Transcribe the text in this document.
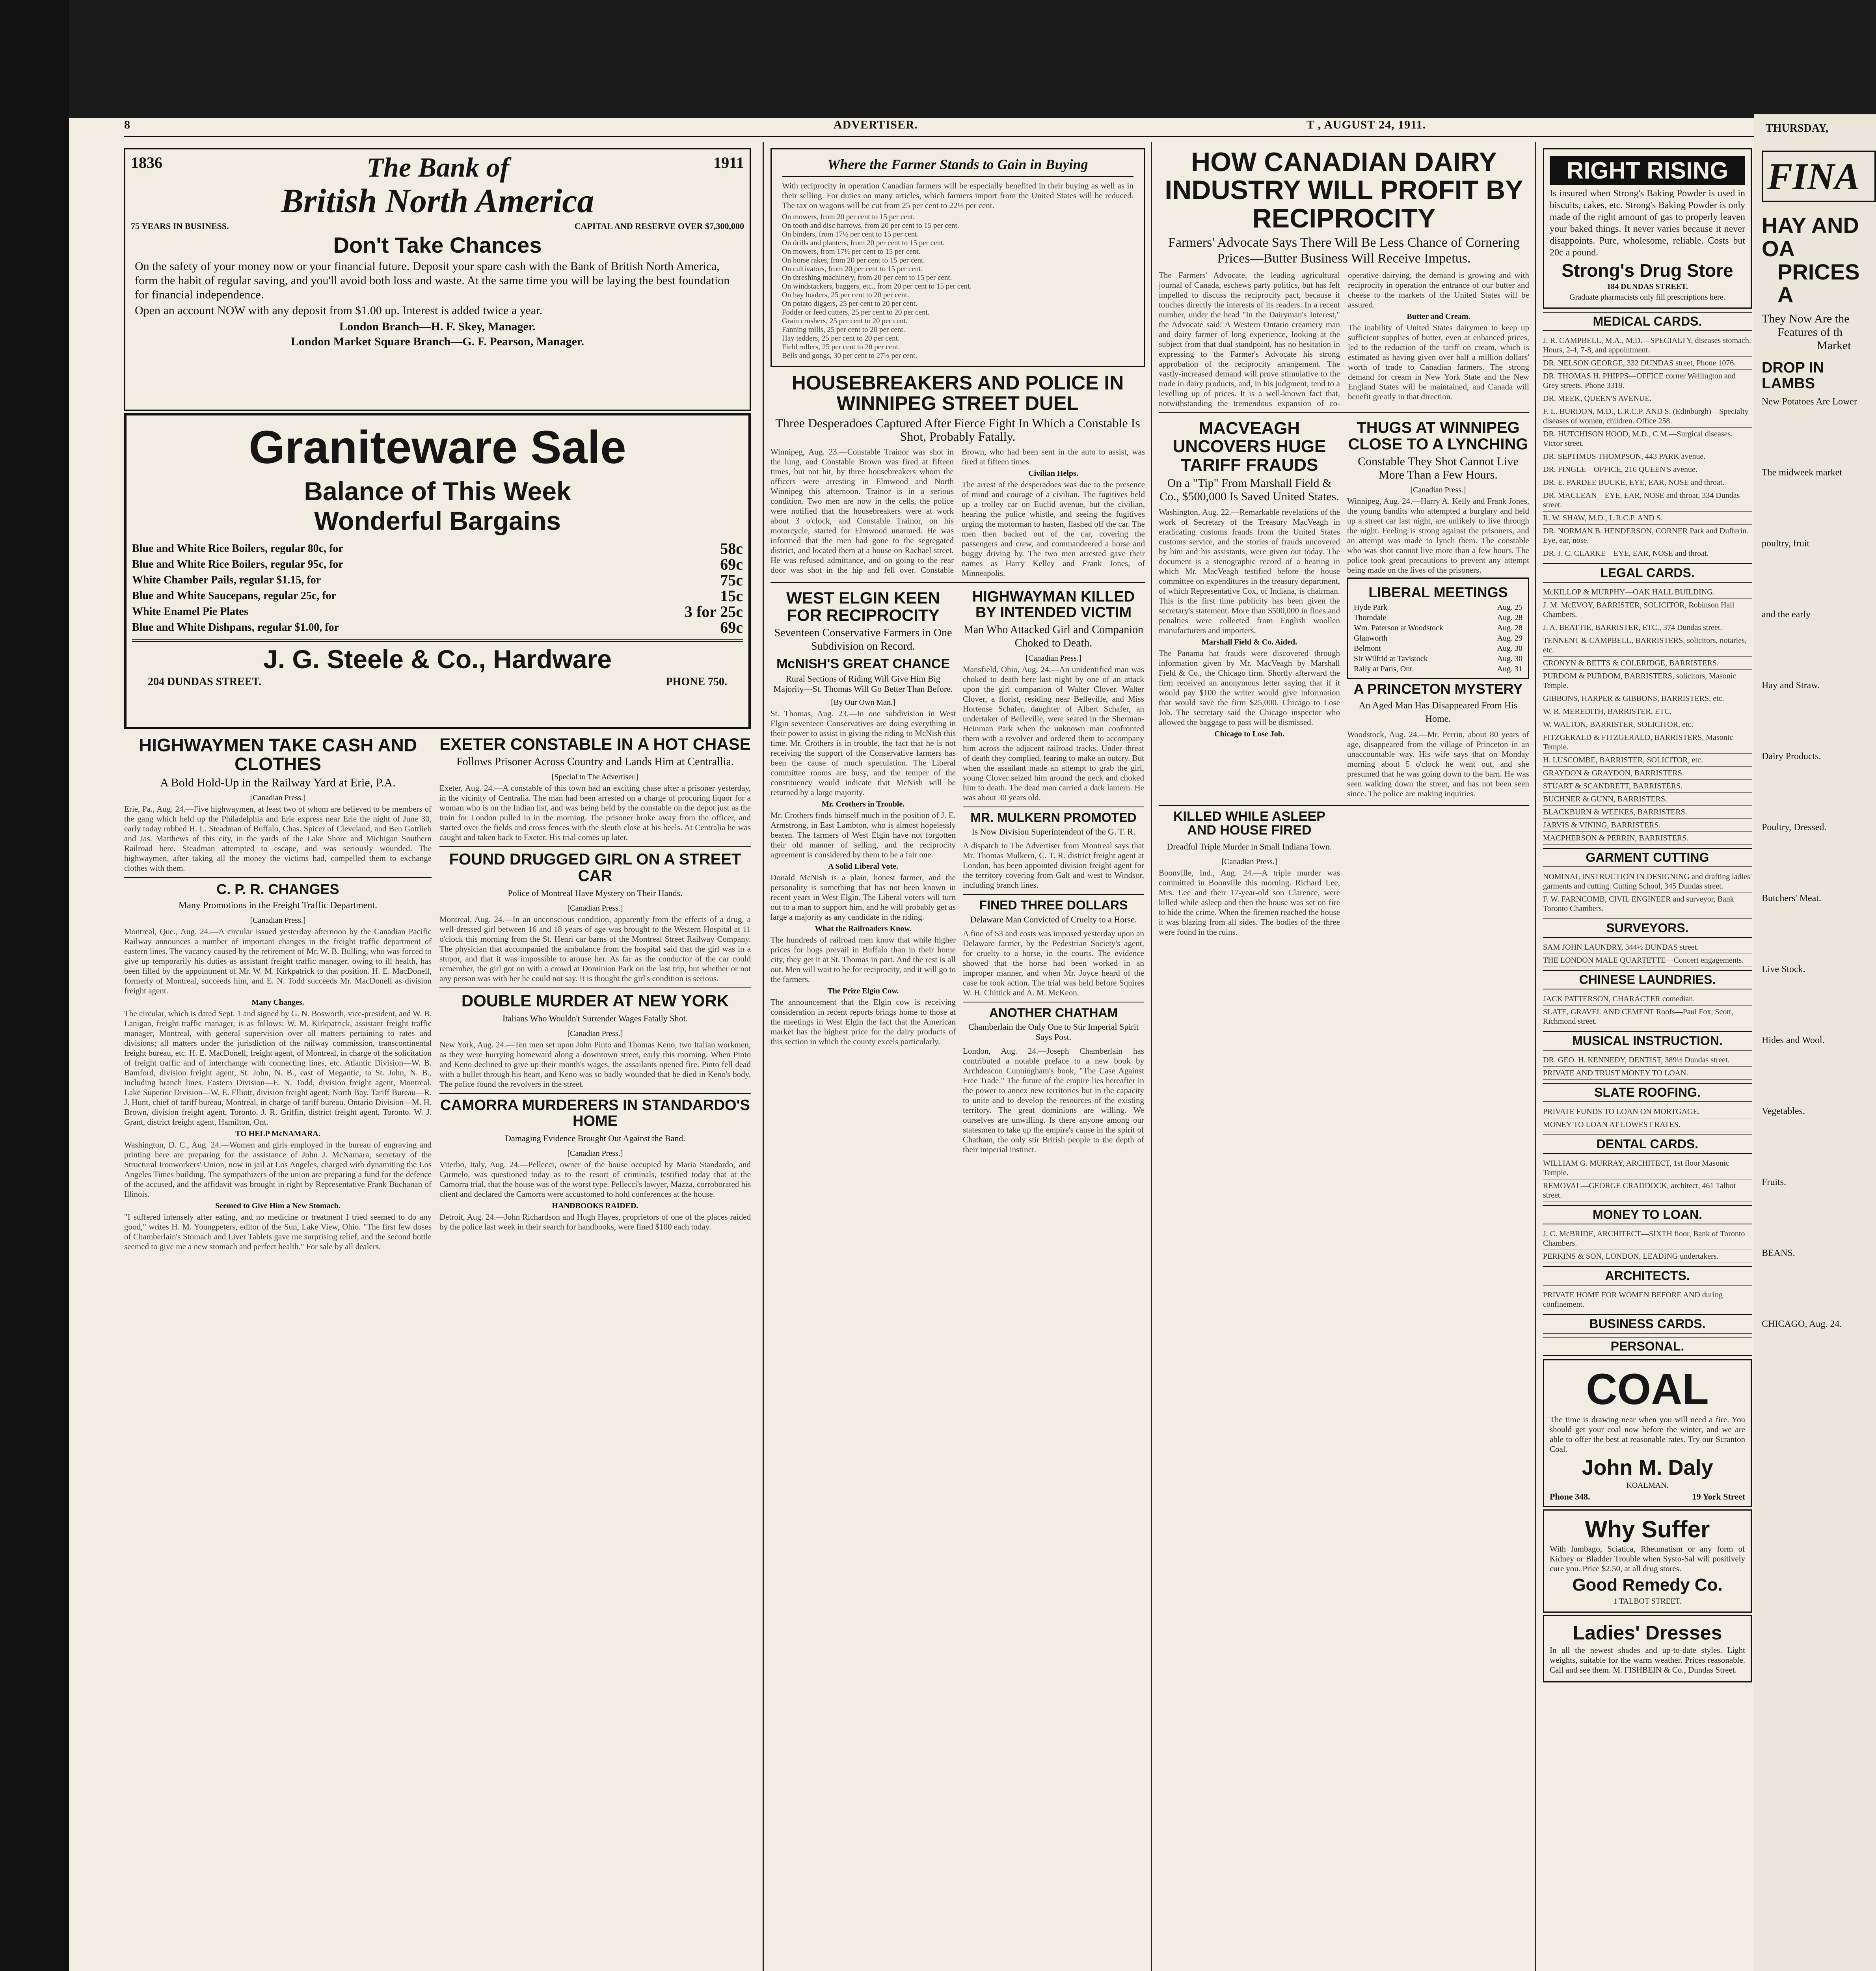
8	ADVERTISER.	T , AUGUST 24, 1911.
1836	The Bank of	1911
British North America
75 YEARS IN BUSINESS.	CAPITAL AND RESERVE OVER $7,300,000
Don't Take Chances

On the safety of your money now or your financial future. Deposit your spare cash with the Bank of British North America, form the habit of regular saving, and you'll avoid both loss and waste. At the same time you will be laying the best foundation for financial independence.

Open an account NOW with any deposit from $1.00 up. Interest is added twice a year.

London Branch—H. F. Skey, Manager.
London Market Square Branch—G. F. Pearson, Manager.
Graniteware Sale
Balance of This Week
Wonderful Bargains
Blue and White Rice Boilers, regular 80c, for	58c
Blue and White Rice Boilers, regular 95c, for	69c
White Chamber Pails, regular $1.15, for	75c
Blue and White Saucepans, regular 25c, for	15c
White Enamel Pie Plates	3 for 25c
Blue and White Dishpans, regular $1.00, for	69c
J. G. Steele & Co., Hardware
204 DUNDAS STREET.	PHONE 750.
HIGHWAYMEN TAKE CASH AND CLOTHES
A Bold Hold-Up in the Railway Yard at Erie, P.A.
[Canadian Press.]

Erie, Pa., Aug. 24.—Five highwaymen, at least two of whom are believed to be members of the gang which held up the Philadelphia and Erie express near Erie the night of June 30, early today robbed H. L. Steadman of Buffalo, Chas. Spicer of Cleveland, and Ben Gottlieb and Jas. Matthews of this city, in the yards of the Lake Shore and Michigan Southern Railroad here. Steadman attempted to escape, and was seriously wounded. The highwaymen, after taking all the money the victims had, compelled them to exchange clothes with them.

C. P. R. CHANGES
Many Promotions in the Freight Traffic Department.
[Canadian Press.]

Montreal, Que., Aug. 24.—A circular issued yesterday afternoon by the Canadian Pacific Railway announces a number of important changes in the freight traffic department of eastern lines. The vacancy caused by the retirement of Mr. W. B. Bulling, who was forced to give up temporarily his duties as assistant freight traffic manager, owing to ill health, has been filled by the appointment of Mr. W. M. Kirkpatrick to that position. H. E. MacDonell, formerly of Montreal, succeeds him, and E. N. Todd succeeds Mr. MacDonell as division freight agent.

Many Changes.

The circular, which is dated Sept. 1 and signed by G. N. Bosworth, vice-president, and W. B. Lanigan, freight traffic manager, is as follows: W. M. Kirkpatrick, assistant freight traffic manager, Montreal, with general supervision over all matters pertaining to rates and divisions; all matters under the jurisdiction of the railway commission, transcontinental freight bureau, etc. H. E. MacDonell, freight agent, of Montreal, in charge of the solicitation of freight traffic and of interchange with connecting lines, etc. Atlantic Division—W. B. Bamford, division freight agent, St. John, N. B., east of Megantic, to St. John, N. B., including branch lines. Eastern Division—E. N. Todd, division freight agent, Montreal. Lake Superior Division—W. E. Elliott, division freight agent, North Bay. Tariff Bureau—R. J. Hunt, chief of tariff bureau, Montreal, in charge of tariff bureau. Ontario Division—M. H. Brown, division freight agent, Toronto. J. R. Griffin, district freight agent, Toronto. W. J. Grant, district freight agent, Hamilton, Ont.

TO HELP McNAMARA.

Washington, D. C., Aug. 24.—Women and girls employed in the bureau of engraving and printing here are preparing for the assistance of John J. McNamara, secretary of the Structural Ironworkers' Union, now in jail at Los Angeles, charged with dynamiting the Los Angeles Times building. The sympathizers of the union are preparing a fund for the defence of the accused, and the affidavit was brought in right by Representative Frank Buchanan of Illinois.

Seemed to Give Him a New Stomach.

"I suffered intensely after eating, and no medicine or treatment I tried seemed to do any good," writes H. M. Youngpeters, editor of the Sun, Lake View, Ohio. "The first few doses of Chamberlain's Stomach and Liver Tablets gave me surprising relief, and the second bottle seemed to give me a new stomach and perfect health." For sale by all dealers.

EXETER CONSTABLE IN A HOT CHASE
Follows Prisoner Across Country and Lands Him at Centrallia.
[Special to The Advertiser.]

Exeter, Aug. 24.—A constable of this town had an exciting chase after a prisoner yesterday, in the vicinity of Centralia. The man had been arrested on a charge of procuring liquor for a woman who is on the Indian list, and was being held by the constable on the depot just as the train for London pulled in in the morning. The prisoner broke away from the officer, and started over the fields and cross fences with the sleuth close at his heels. At Centralia he was caught and taken back to Exeter. His trial comes up later.

FOUND DRUGGED GIRL ON A STREET CAR
Police of Montreal Have Mystery on Their Hands.
[Canadian Press.]

Montreal, Aug. 24.—In an unconscious condition, apparently from the effects of a drug, a well-dressed girl between 16 and 18 years of age was brought to the Western Hospital at 11 o'clock this morning from the St. Henri car barns of the Montreal Street Railway Company. The physician that accompanied the ambulance from the hospital said that the girl was in a stupor, and that it was impossible to arouse her. As far as the conductor of the car could remember, the girl got on with a crowd at Dominion Park on the last trip, but whether or not any person was with her he could not say. It is thought the girl's condition is serious.

DOUBLE MURDER AT NEW YORK
Italians Who Wouldn't Surrender Wages Fatally Shot.
[Canadian Press.]

New York, Aug. 24.—Ten men set upon John Pinto and Thomas Keno, two Italian workmen, as they were hurrying homeward along a downtown street, early this morning. When Pinto and Keno declined to give up their month's wages, the assailants opened fire. Pinto fell dead with a bullet through his heart, and Keno was so badly wounded that he died in Keno's body. The police found the revolvers in the street.

CAMORRA MURDERERS IN STANDARDO'S HOME
Damaging Evidence Brought Out Against the Band.
[Canadian Press.]

Viterbo, Italy, Aug. 24.—Pellecci, owner of the house occupied by Maria Standardo, and Carmelo, was questioned today as to the resort of criminals, testified today that at the Camorra trial, that the house was of the worst type. Pellecci's lawyer, Mazza, corroborated his client and declared the Camorra were accustomed to hold conferences at the house.

HANDBOOKS RAIDED.

Detroit, Aug. 24.—John Richardson and Hugh Hayes, proprietors of one of the places raided by the police last week in their search for handbooks, were fined $100 each today.

Where the Farmer Stands to Gain in Buying

With reciprocity in operation Canadian farmers will be especially benefited in their buying as well as in their selling. For duties on many articles, which farmers import from the United States will be reduced. The tax on wagons will be cut from 25 per cent to 22½ per cent.

On mowers, from 20 per cent to 15 per cent.
On tooth and disc harrows, from 20 per cent to 15 per cent.
On binders, from 17½ per cent to 15 per cent.
On drills and planters, from 20 per cent to 15 per cent.
On mowers, from 17½ per cent to 15 per cent.
On horse rakes, from 20 per cent to 15 per cent.
On cultivators, from 20 per cent to 15 per cent.
On threshing machinery, from 20 per cent to 15 per cent.
On windstackers, baggers, etc., from 20 per cent to 15 per cent.
On hay loaders, 25 per cent to 20 per cent.
On potato diggers, 25 per cent to 20 per cent.
Fodder or feed cutters, 25 per cent to 20 per cent.
Grain crushers, 25 per cent to 20 per cent.
Fanning mills, 25 per cent to 20 per cent.
Hay tedders, 25 per cent to 20 per cent.
Field rollers, 25 per cent to 20 per cent.
Bells and gongs, 30 per cent to 27½ per cent.
HOUSEBREAKERS AND POLICE IN WINNIPEG STREET DUEL
Three Desperadoes Captured After Fierce Fight In Which a Constable Is Shot, Probably Fatally.

Winnipeg, Aug. 23.—Constable Trainor was shot in the lung, and Constable Brown was fired at fifteen times, but not hit, by three housebreakers whom the officers were arresting in Elmwood and North Winnipeg this afternoon. Trainor is in a serious condition. Two men are now in the cells, the police were notified that the housebreakers were at work about 3 o'clock, and Constable Trainor, on his motorcycle, started for Elmwood unarmed. He was informed that the men had gone to the segregated district, and located them at a house on Rachael street. He was refused admittance, and on going to the rear door was shot in the hip and fell over. Constable Brown, who had been sent in the auto to assist, was fired at fifteen times.

Civilian Helps.

The arrest of the desperadoes was due to the presence of mind and courage of a civilian. The fugitives held up a trolley car on Euclid avenue, but the civilian, hearing the police whistle, and seeing the fugitives urging the motorman to hasten, flashed off the car. The men then backed out of the car, covering the passengers and crew, and commandeered a horse and buggy driving by. The two men arrested gave their names as Harry Kelley and Frank Jones, of Minneapolis.

WEST ELGIN KEEN FOR RECIPROCITY
Seventeen Conservative Farmers in One Subdivision on Record.
McNISH'S GREAT CHANCE
Rural Sections of Riding Will Give Him Big Majority—St. Thomas Will Go Better Than Before.
[By Our Own Man.]

St. Thomas, Aug. 23.—In one subdivision in West Elgin seventeen Conservatives are doing everything in their power to assist in giving the riding to McNish this time. Mr. Crothers is in trouble, the fact that he is not receiving the support of the Conservative farmers has been the cause of much speculation. The Liberal committee rooms are busy, and the temper of the constituency would indicate that McNish will be returned by a large majority.

Mr. Crothers in Trouble.

Mr. Crothers finds himself much in the position of J. E. Armstrong, in East Lambton, who is almost hopelessly beaten. The farmers of West Elgin have not forgotten their old manner of selling, and the reciprocity agreement is considered by them to be a fair one.

A Solid Liberal Vote.

Donald McNish is a plain, honest farmer, and the personality is something that has not been known in recent years in West Elgin. The Liberal voters will turn out to a man to support him, and he will probably get as large a majority as any candidate in the riding.

What the Railroaders Know.

The hundreds of railroad men know that while higher prices for hogs prevail in Buffalo than in their home city, they get it at St. Thomas in part. And the rest is all out. Men will wait to be for reciprocity, and it will go to the farmers.

The Prize Elgin Cow.

The announcement that the Elgin cow is receiving consideration in recent reports brings home to those at the meetings in West Elgin the fact that the American market has the highest price for the dairy products of this section in which the county excels particularly.

HIGHWAYMAN KILLED BY INTENDED VICTIM
Man Who Attacked Girl and Companion Choked to Death.
[Canadian Press.]

Mansfield, Ohio, Aug. 24.—An unidentified man was choked to death here last night by one of an attack upon the girl companion of Walter Clover. Walter Clover, a florist, residing near Belleville, and Miss Hortense Schafer, daughter of Albert Schafer, an undertaker of Belleville, were seated in the Sherman-Heinman Park when the unknown man confronted them with a revolver and ordered them to accompany him across the adjacent railroad tracks. Under threat of death they complied, fearing to make an outcry. But when the assailant made an attempt to grab the girl, young Clover seized him around the neck and choked him to death. The dead man carried a dark lantern. He was about 30 years old.

MR. MULKERN PROMOTED
Is Now Division Superintendent of the G. T. R.

A dispatch to The Advertiser from Montreal says that Mr. Thomas Mulkern, C. T. R. district freight agent at London, has been appointed division freight agent for the territory covering from Galt and west to Windsor, including branch lines.

FINED THREE DOLLARS
Delaware Man Convicted of Cruelty to a Horse.

A fine of $3 and costs was imposed yesterday upon an Delaware farmer, by the Pedestrian Society's agent, for cruelty to a horse, in the courts. The evidence showed that the horse had been worked in an improper manner, and when Mr. Joyce heard of the case he took action. The trial was held before Squires W. H. Chittick and A. M. McKeon.

ANOTHER CHATHAM
Chamberlain the Only One to Stir Imperial Spirit Says Post.

London, Aug. 24.—Joseph Chamberlain has contributed a notable preface to a new book by Archdeacon Cunningham's book, "The Case Against Free Trade." The future of the empire lies hereafter in the power to annex new territories but in the capacity to unite and to develop the resources of the existing territory. The great dominions are willing. We ourselves are unwilling. Is there anyone among our statesmen to take up the empire's cause in the spirit of Chatham, the only stir British people to the depth of their imperial instinct.

HOW CANADIAN DAIRY INDUSTRY WILL PROFIT BY RECIPROCITY
Farmers' Advocate Says There Will Be Less Chance of Cornering Prices—Butter Business Will Receive Impetus.

The Farmers' Advocate, the leading agricultural journal of Canada, eschews party politics, but has felt impelled to discuss the reciprocity pact, because it touches directly the interests of its readers. In a recent number, under the head "In the Dairyman's Interest," the Advocate said: A Western Ontario creamery man and dairy farmer of long experience, looking at the subject from that dual standpoint, has no hesitation in expressing to the Farmer's Advocate his strong approbation of the reciprocity arrangement. The vastly-increased demand will prove stimulative to the trade in dairy products, and, in his judgment, tend to a levelling up of prices. It is a well-known fact that, notwithstanding the tremendous expansion of co-operative dairying, the demand is growing and with reciprocity in operation the entrance of our butter and cheese to the markets of the United States will be assured.

Butter and Cream.

The inability of United States dairymen to keep up sufficient supplies of butter, even at enhanced prices, led to the reduction of the tariff on cream, which is estimated as having given over half a million dollars' worth of trade to Canadian farmers. The strong demand for cream in New York State and the New England States will be maintained, and Canada will benefit greatly in that direction.

MACVEAGH UNCOVERS HUGE TARIFF FRAUDS
On a "Tip" From Marshall Field & Co., $500,000 Is Saved United States.

Washington, Aug. 22.—Remarkable revelations of the work of Secretary of the Treasury MacVeagh in eradicating customs frauds from the United States customs service, and the stories of frauds uncovered by him and his assistants, were given out today. The document is a stenographic record of a hearing in which Mr. MacVeagh testified before the house committee on expenditures in the treasury department, of which Representative Cox, of Indiana, is chairman. This is the first time publicity has been given the secretary's statement. More than $500,000 in fines and penalties were collected from English woollen manufacturers and importers.

Marshall Field & Co. Aided.

The Panama hat frauds were discovered through information given by Mr. MacVeagh by Marshall Field & Co., the Chicago firm. Shortly afterward the firm received an anonymous letter saying that if it would pay $100 the writer would give information that would save the firm $25,000. Chicago to Lose Job. The secretary said the Chicago inspector who allowed the baggage to pass will be dismissed.

Chicago to Lose Job.
THUGS AT WINNIPEG CLOSE TO A LYNCHING
Constable They Shot Cannot Live More Than a Few Hours.
[Canadian Press.]

Winnipeg, Aug. 24.—Harry A. Kelly and Frank Jones, the young bandits who attempted a burglary and held up a street car last night, are unlikely to live through the night. Feeling is strong against the prisoners, and an attempt was made to lynch them. The constable who was shot cannot live more than a few hours. The police took great precautions to prevent any attempt being made on the lives of the prisoners.

LIBERAL MEETINGS
Hyde Park	Aug. 25
Thorndale	Aug. 28
Wm. Paterson at Woodstock	Aug. 28
Glanworth	Aug. 29
Belmont	Aug. 30
Sir Wilfrid at Tavistock	Aug. 30
Rally at Paris, Ont.	Aug. 31
A PRINCETON MYSTERY
An Aged Man Has Disappeared From His Home.

Woodstock, Aug. 24.—Mr. Perrin, about 80 years of age, disappeared from the village of Princeton in an unaccountable way. His wife says that on Monday morning about 5 o'clock he went out, and she presumed that he was going down to the barn. He was seen walking down the street, and has not been seen since. The police are making inquiries.

KILLED WHILE ASLEEP AND HOUSE FIRED
Dreadful Triple Murder in Small Indiana Town.
[Canadian Press.]

Boonville, Ind., Aug. 24.—A triple murder was committed in Boonville this morning. Richard Lee, Mrs. Lee and their 17-year-old son Clarence, were killed while asleep and then the house was set on fire to hide the crime. When the firemen reached the house it was blazing from all sides. The bodies of the three were found in the ruins.

RIGHT RISING

Is insured when Strong's Baking Powder is used in biscuits, cakes, etc. Strong's Baking Powder is only made of the right amount of gas to properly leaven your baked things. It never varies because it never disappoints. Pure, wholesome, reliable. Costs but 20c a pound.

Strong's Drug Store
184 DUNDAS STREET.
Graduate pharmacists only fill prescriptions here.
MEDICAL CARDS.
J. R. CAMPBELL, M.A., M.D.—SPECIALTY, diseases stomach. Hours, 2-4, 7-8, and appointment.
DR. NELSON GEORGE, 332 DUNDAS street, Phone 1076.
DR. THOMAS H. PHIPPS—OFFICE corner Wellington and Grey streets. Phone 3318.
DR. MEEK, QUEEN'S AVENUE.
F. L. BURDON, M.D., L.R.C.P. AND S. (Edinburgh)—Specialty diseases of women, children. Office 258.
DR. HUTCHISON HOOD, M.D., C.M.—Surgical diseases. Victor street.
DR. SEPTIMUS THOMPSON, 443 PARK avenue.
DR. FINGLE—OFFICE, 216 QUEEN'S avenue.
DR. E. PARDEE BUCKE, EYE, EAR, NOSE and throat.
DR. MACLEAN—EYE, EAR, NOSE and throat, 334 Dundas street.
R. W. SHAW, M.D., L.R.C.P. AND S.
DR. NORMAN B. HENDERSON, CORNER Park and Dufferin. Eye, ear, nose.
DR. J. C. CLARKE—EYE, EAR, NOSE and throat.
LEGAL CARDS.
McKILLOP & MURPHY—OAK HALL BUILDING.
J. M. McEVOY, BARRISTER, SOLICITOR, Robinson Hall Chambers.
J. A. BEATTIE, BARRISTER, ETC., 374 Dundas street.
TENNENT & CAMPBELL, BARRISTERS, solicitors, notaries, etc.
CRONYN & BETTS & COLERIDGE, BARRISTERS.
PURDOM & PURDOM, BARRISTERS, solicitors, Masonic Temple.
GIBBONS, HARPER & GIBBONS, BARRISTERS, etc.
W. R. MEREDITH, BARRISTER, ETC.
W. WALTON, BARRISTER, SOLICITOR, etc.
FITZGERALD & FITZGERALD, BARRISTERS, Masonic Temple.
H. LUSCOMBE, BARRISTER, SOLICITOR, etc.
GRAYDON & GRAYDON, BARRISTERS.
STUART & SCANDRETT, BARRISTERS.
BUCHNER & GUNN, BARRISTERS.
BLACKBURN & WEEKES, BARRISTERS.
JARVIS & VINING, BARRISTERS.
MACPHERSON & PERRIN, BARRISTERS.
GARMENT CUTTING
NOMINAL INSTRUCTION IN DESIGNING and drafting ladies' garments and cutting. Cutting School, 345 Dundas street.
F. W. FARNCOMB, CIVIL ENGINEER and surveyor, Bank Toronto Chambers.
SURVEYORS.
SAM JOHN LAUNDRY, 344½ DUNDAS street.
THE LONDON MALE QUARTETTE—Concert engagements.
CHINESE LAUNDRIES.
JACK PATTERSON, CHARACTER comedian.
SLATE, GRAVEL AND CEMENT Roofs—Paul Fox, Scott, Richmond street.
MUSICAL INSTRUCTION.
DR. GEO. H. KENNEDY, DENTIST, 389½ Dundas street.
PRIVATE AND TRUST MONEY TO LOAN.
SLATE ROOFING.
PRIVATE FUNDS TO LOAN ON MORTGAGE.
MONEY TO LOAN AT LOWEST RATES.
DENTAL CARDS.
WILLIAM G. MURRAY, ARCHITECT, 1st floor Masonic Temple.
REMOVAL—GEORGE CRADDOCK, architect, 461 Talbot street.
MONEY TO LOAN.
J. C. McBRIDE, ARCHITECT—SIXTH floor, Bank of Toronto Chambers.
PERKINS & SON, LONDON, LEADING undertakers.
ARCHITECTS.
PRIVATE HOME FOR WOMEN BEFORE AND during confinement.
BUSINESS CARDS.
PERSONAL.
COAL

The time is drawing near when you will need a fire. You should get your coal now before the winter, and we are able to offer the best at reasonable rates. Try our Scranton Coal.

John M. Daly
KOALMAN.
Phone 348.	19 York Street
Why Suffer

With lumbago, Sciatica, Rheumatism or any form of Kidney or Bladder Trouble when Systo-Sal will positively cure you. Price $2.50, at all drug stores.

Good Remedy Co.
1 TALBOT STREET.
Ladies' Dresses

In all the newest shades and up-to-date styles. Light weights, suitable for the warm weather. Prices reasonable. Call and see them. M. FISHBEIN & Co., Dundas Street.

THURSDAY,
FINA
HAY AND OA
PRICES A
They Now Are the
Features of th
Market
DROP IN LAMBS
New Potatoes Are Lower
The midweek market
poultry, fruit
and the early
Hay and Straw.
Dairy Products.
Poultry, Dressed.
Butchers' Meat.
Live Stock.
Hides and Wool.
Vegetables.
Fruits.
BEANS.
CHICAGO, Aug. 24.
